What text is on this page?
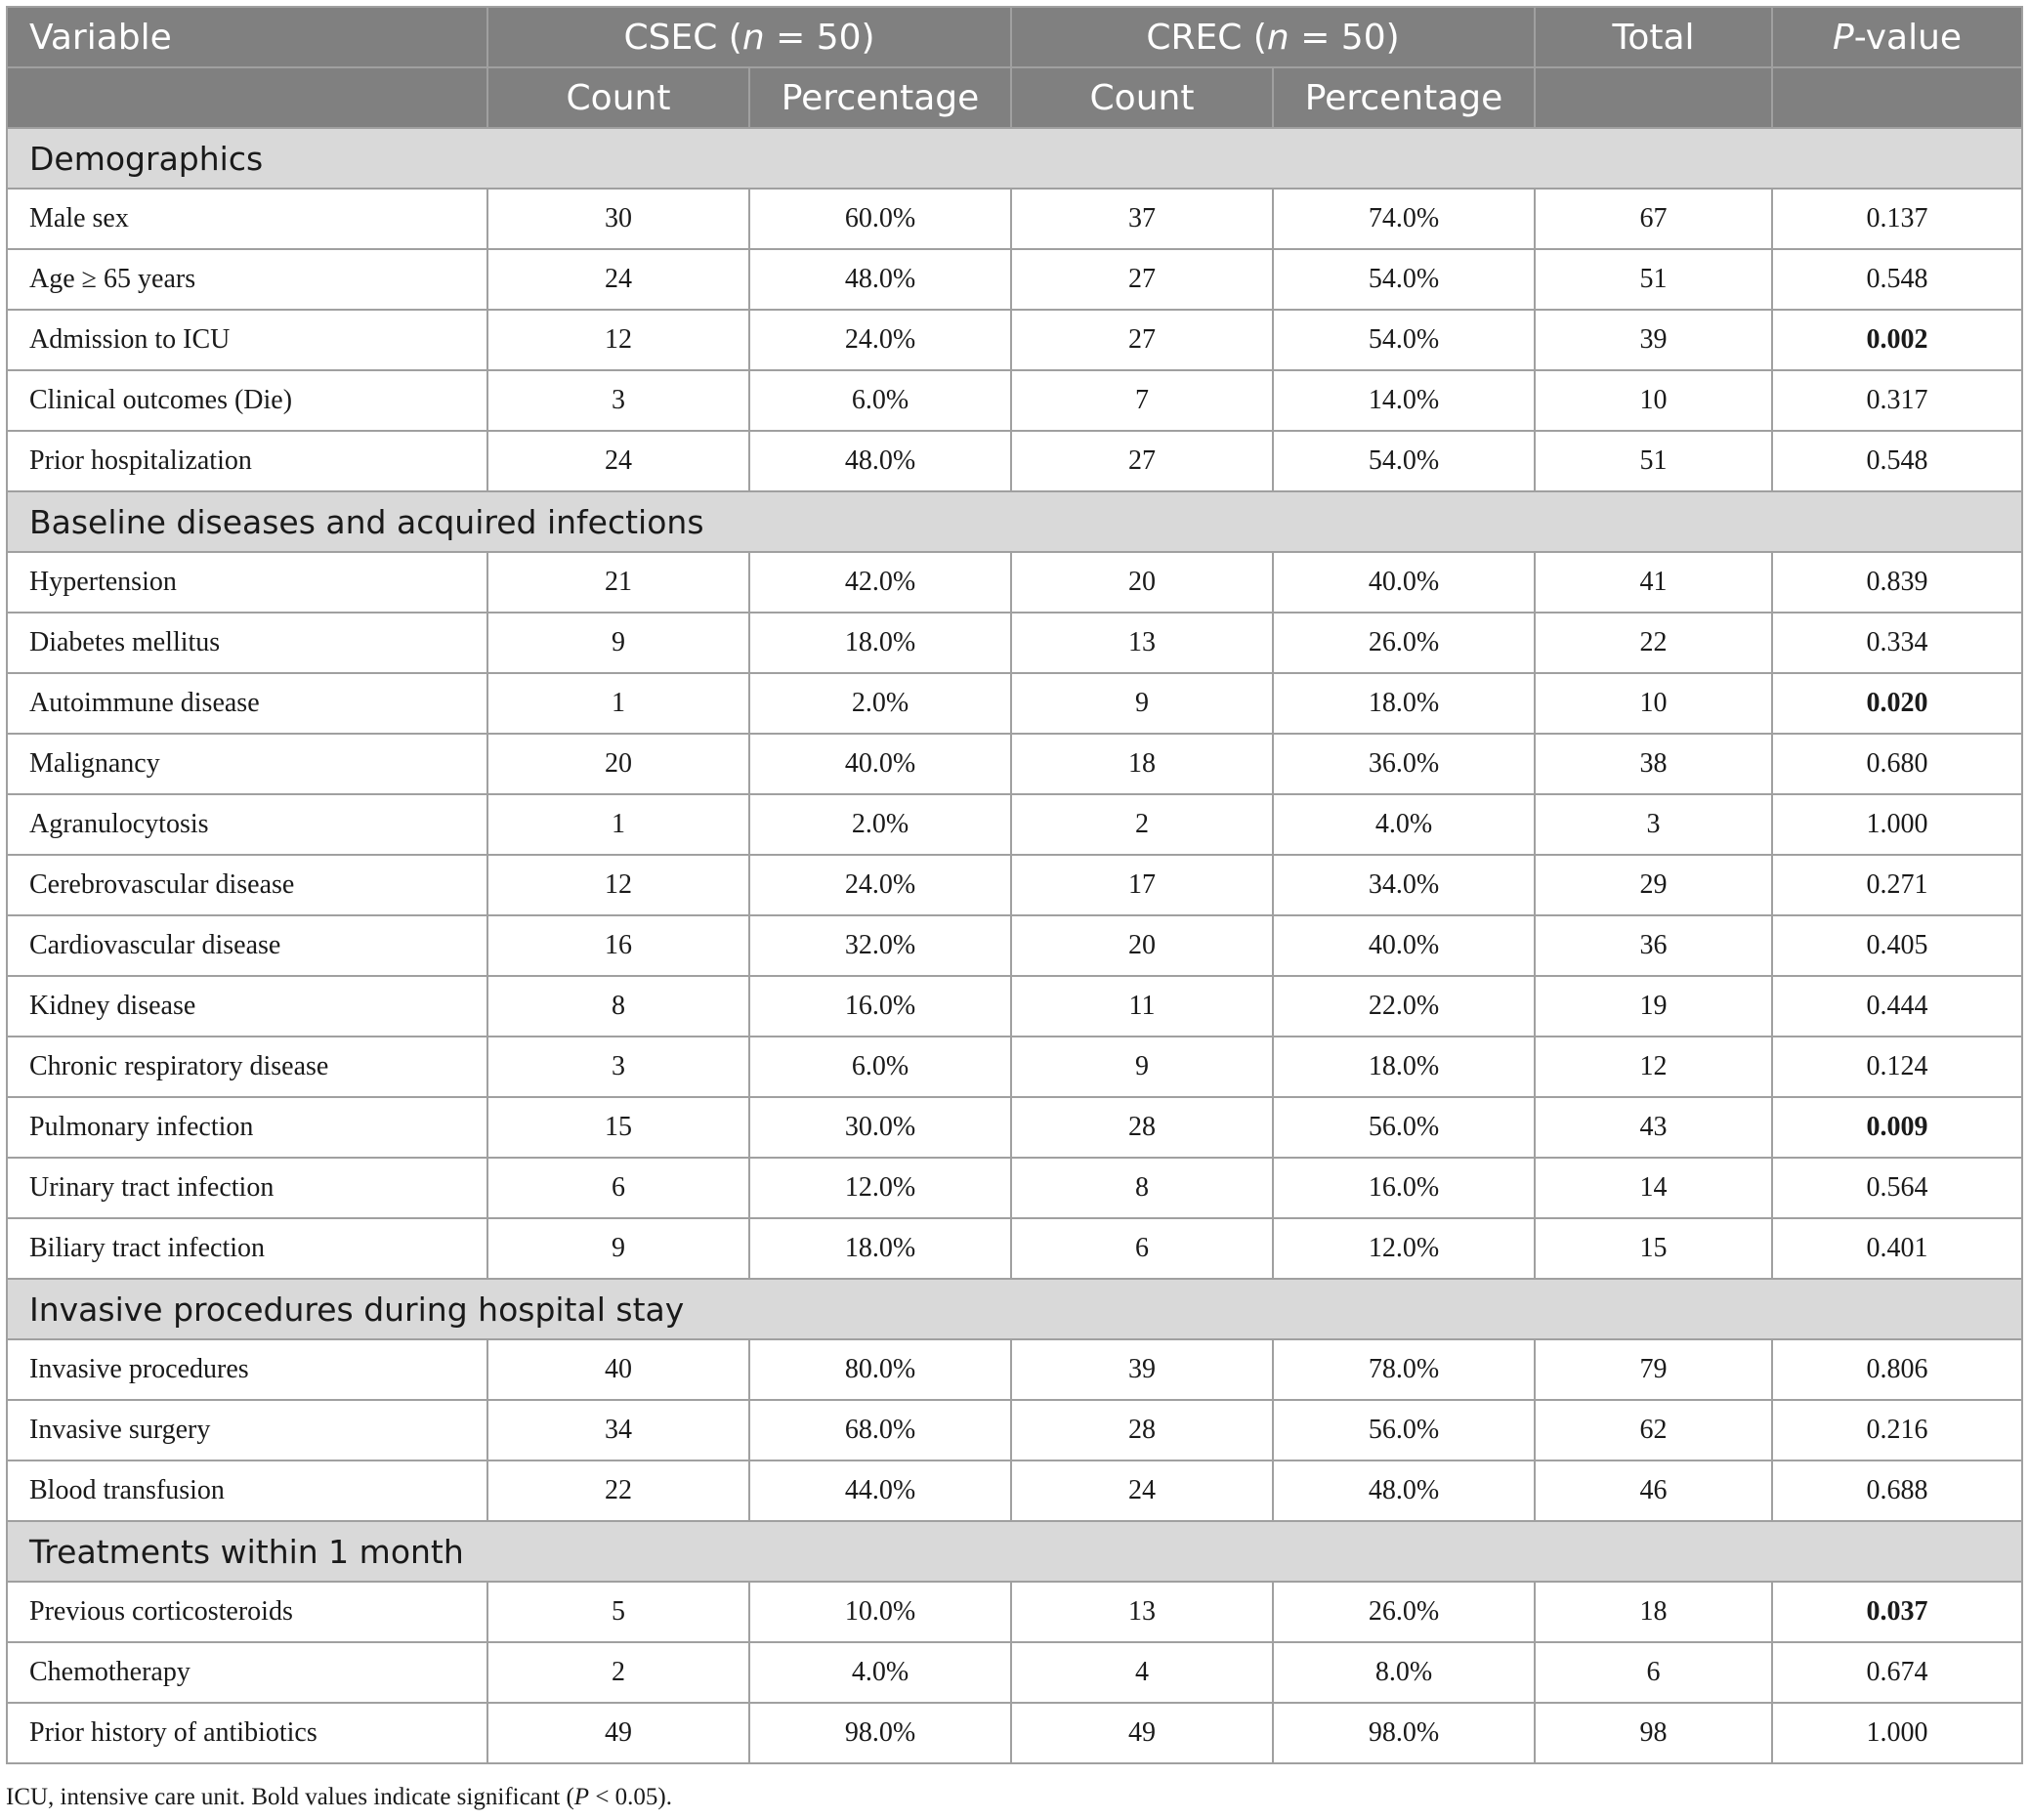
Variable	CSEC (n = 50)		CREC (n = 50)		Total	P-value
	Count	Percentage	Count	Percentage		
Demographics						
Male sex	30	60.0%	37	74.0%	67	0.137
Age ≥ 65 years	24	48.0%	27	54.0%	51	0.548
Admission to ICU	12	24.0%	27	54.0%	39	0.002
Clinical outcomes (Die)	3	6.0%	7	14.0%	10	0.317
Prior hospitalization	24	48.0%	27	54.0%	51	0.548
Baseline diseases and acquired infections						
Hypertension	21	42.0%	20	40.0%	41	0.839
Diabetes mellitus	9	18.0%	13	26.0%	22	0.334
Autoimmune disease	1	2.0%	9	18.0%	10	0.020
Malignancy	20	40.0%	18	36.0%	38	0.680
Agranulocytosis	1	2.0%	2	4.0%	3	1.000
Cerebrovascular disease	12	24.0%	17	34.0%	29	0.271
Cardiovascular disease	16	32.0%	20	40.0%	36	0.405
Kidney disease	8	16.0%	11	22.0%	19	0.444
Chronic respiratory disease	3	6.0%	9	18.0%	12	0.124
Pulmonary infection	15	30.0%	28	56.0%	43	0.009
Urinary tract infection	6	12.0%	8	16.0%	14	0.564
Biliary tract infection	9	18.0%	6	12.0%	15	0.401
Invasive procedures during hospital stay						
Invasive procedures	40	80.0%	39	78.0%	79	0.806
Invasive surgery	34	68.0%	28	56.0%	62	0.216
Blood transfusion	22	44.0%	24	48.0%	46	0.688
Treatments within 1 month						
Previous corticosteroids	5	10.0%	13	26.0%	18	0.037
Chemotherapy	2	4.0%	4	8.0%	6	0.674
Prior history of antibiotics	49	98.0%	49	98.0%	98	1.000
ICU, intensive care unit. Bold values indicate significant (P < 0.05).
